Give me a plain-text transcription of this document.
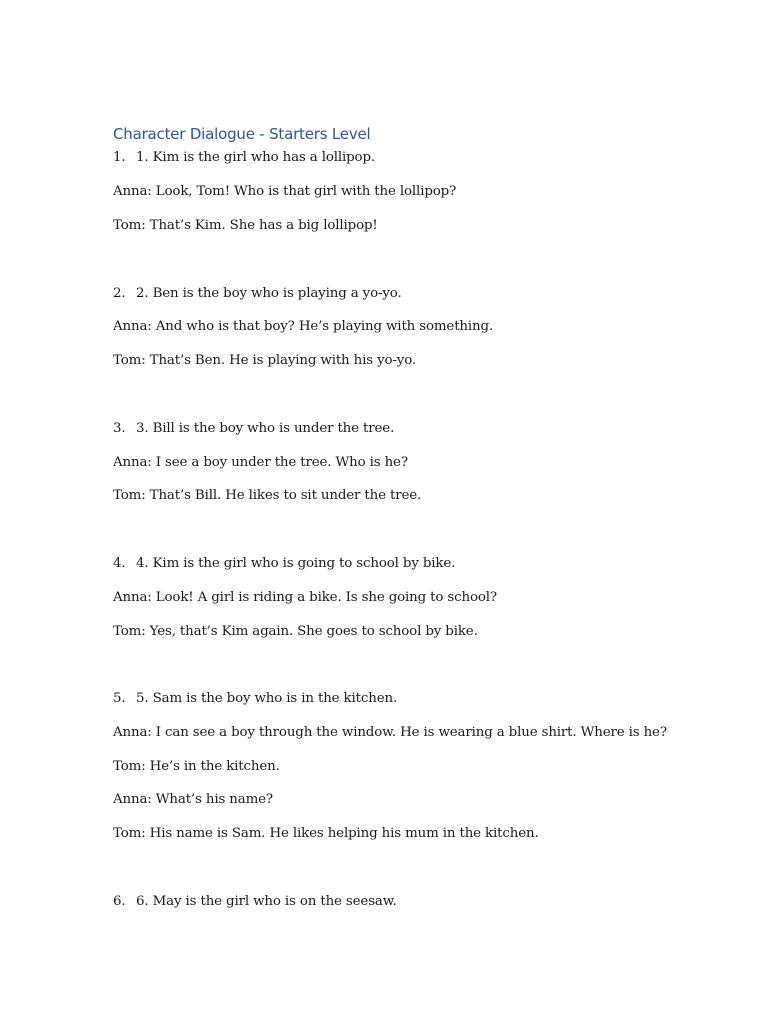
Character Dialogue - Starters Level
1. 1. Kim is the girl who has a lollipop.
Anna: Look, Tom! Who is that girl with the lollipop?
Tom: That’s Kim. She has a big lollipop!
2. 2. Ben is the boy who is playing a yo-yo.
Anna: And who is that boy? He’s playing with something.
Tom: That’s Ben. He is playing with his yo-yo.
3. 3. Bill is the boy who is under the tree.
Anna: I see a boy under the tree. Who is he?
Tom: That’s Bill. He likes to sit under the tree.
4. 4. Kim is the girl who is going to school by bike.
Anna: Look! A girl is riding a bike. Is she going to school?
Tom: Yes, that’s Kim again. She goes to school by bike.
5. 5. Sam is the boy who is in the kitchen.
Anna: I can see a boy through the window. He is wearing a blue shirt. Where is he?
Tom: He’s in the kitchen.
Anna: What’s his name?
Tom: His name is Sam. He likes helping his mum in the kitchen.
6. 6. May is the girl who is on the seesaw.
